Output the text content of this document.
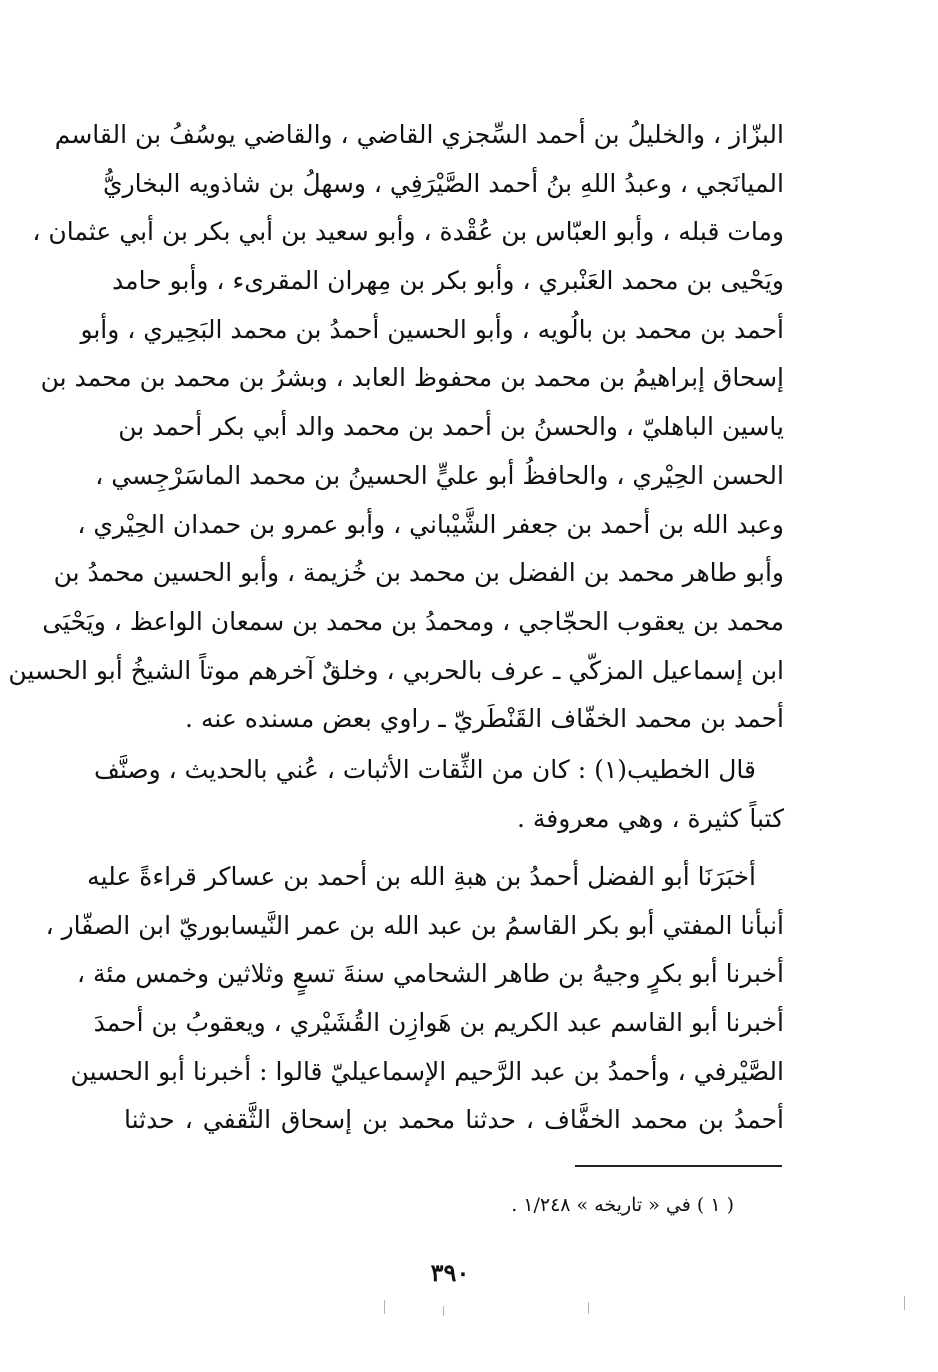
البزّاز ، والخليلُ بن أحمد السِّجزي القاضي ، والقاضي يوسُفُ بن القاسم
الميانَجي ، وعبدُ اللهِ بنُ أحمد الصَّيْرَفِي ، وسهلُ بن شاذويه البخاريُّ
ومات قبله ، وأبو العبّاس بن عُقْدة ، وأبو سعيد بن أبي بكر بن أبي عثمان ،
ويَحْيى بن محمد العَنْبري ، وأبو بكر بن مِهران المقرىء ، وأبو حامد
أحمد بن محمد بن بالُويه ، وأبو الحسين أحمدُ بن محمد البَحِيري ، وأبو
إسحاق إبراهيمُ بن محمد بن محفوظ العابد ، وبشرُ بن محمد بن محمد بن
ياسين الباهليّ ، والحسنُ بن أحمد بن محمد والد أبي بكر أحمد بن
الحسن الحِيْري ، والحافظُ أبو عليٍّ الحسينُ بن محمد الماسَرْجِسي ،
وعبد الله بن أحمد بن جعفر الشَّيْباني ، وأبو عمرو بن حمدان الحِيْري ،
وأبو طاهر محمد بن الفضل بن محمد بن خُزيمة ، وأبو الحسين محمدُ بن
محمد بن يعقوب الحجّاجي ، ومحمدُ بن محمد بن سمعان الواعظ ، ويَحْيَى
ابن إسماعيل المزكّي ـ عرف بالحربي ، وخلقٌ آخرهم موتاً الشيخُ أبو الحسين
أحمد بن محمد الخفّاف القَنْطَريّ ـ راوي بعض مسنده عنه .
قال الخطيب(١) : كان من الثِّقات الأثبات ، عُني بالحديث ، وصنَّف
كتباً كثيرة ، وهي معروفة .
أخبَرَنَا أبو الفضل أحمدُ بن هبةِ الله بن أحمد بن عساكر قراءةً عليه
أنبأنا المفتي أبو بكر القاسمُ بن عبد الله بن عمر النَّيسابوريّ ابن الصفّار ،
أخبرنا أبو بكرٍ وجيهُ بن طاهر الشحامي سنةَ تسعٍ وثلاثين وخمس مئة ،
أخبرنا أبو القاسم عبد الكريم بن هَوازِن القُشَيْري ، ويعقوبُ بن أحمدَ
الصَّيْرفي ، وأحمدُ بن عبد الرَّحيم الإسماعيليّ قالوا : أخبرنا أبو الحسين
أحمدُ بن محمد الخفَّاف ، حدثنا محمد بن إسحاق الثَّقفي ، حدثنا
( ١ ) في « تاريخه » ١/٢٤٨ .
٣٩٠
